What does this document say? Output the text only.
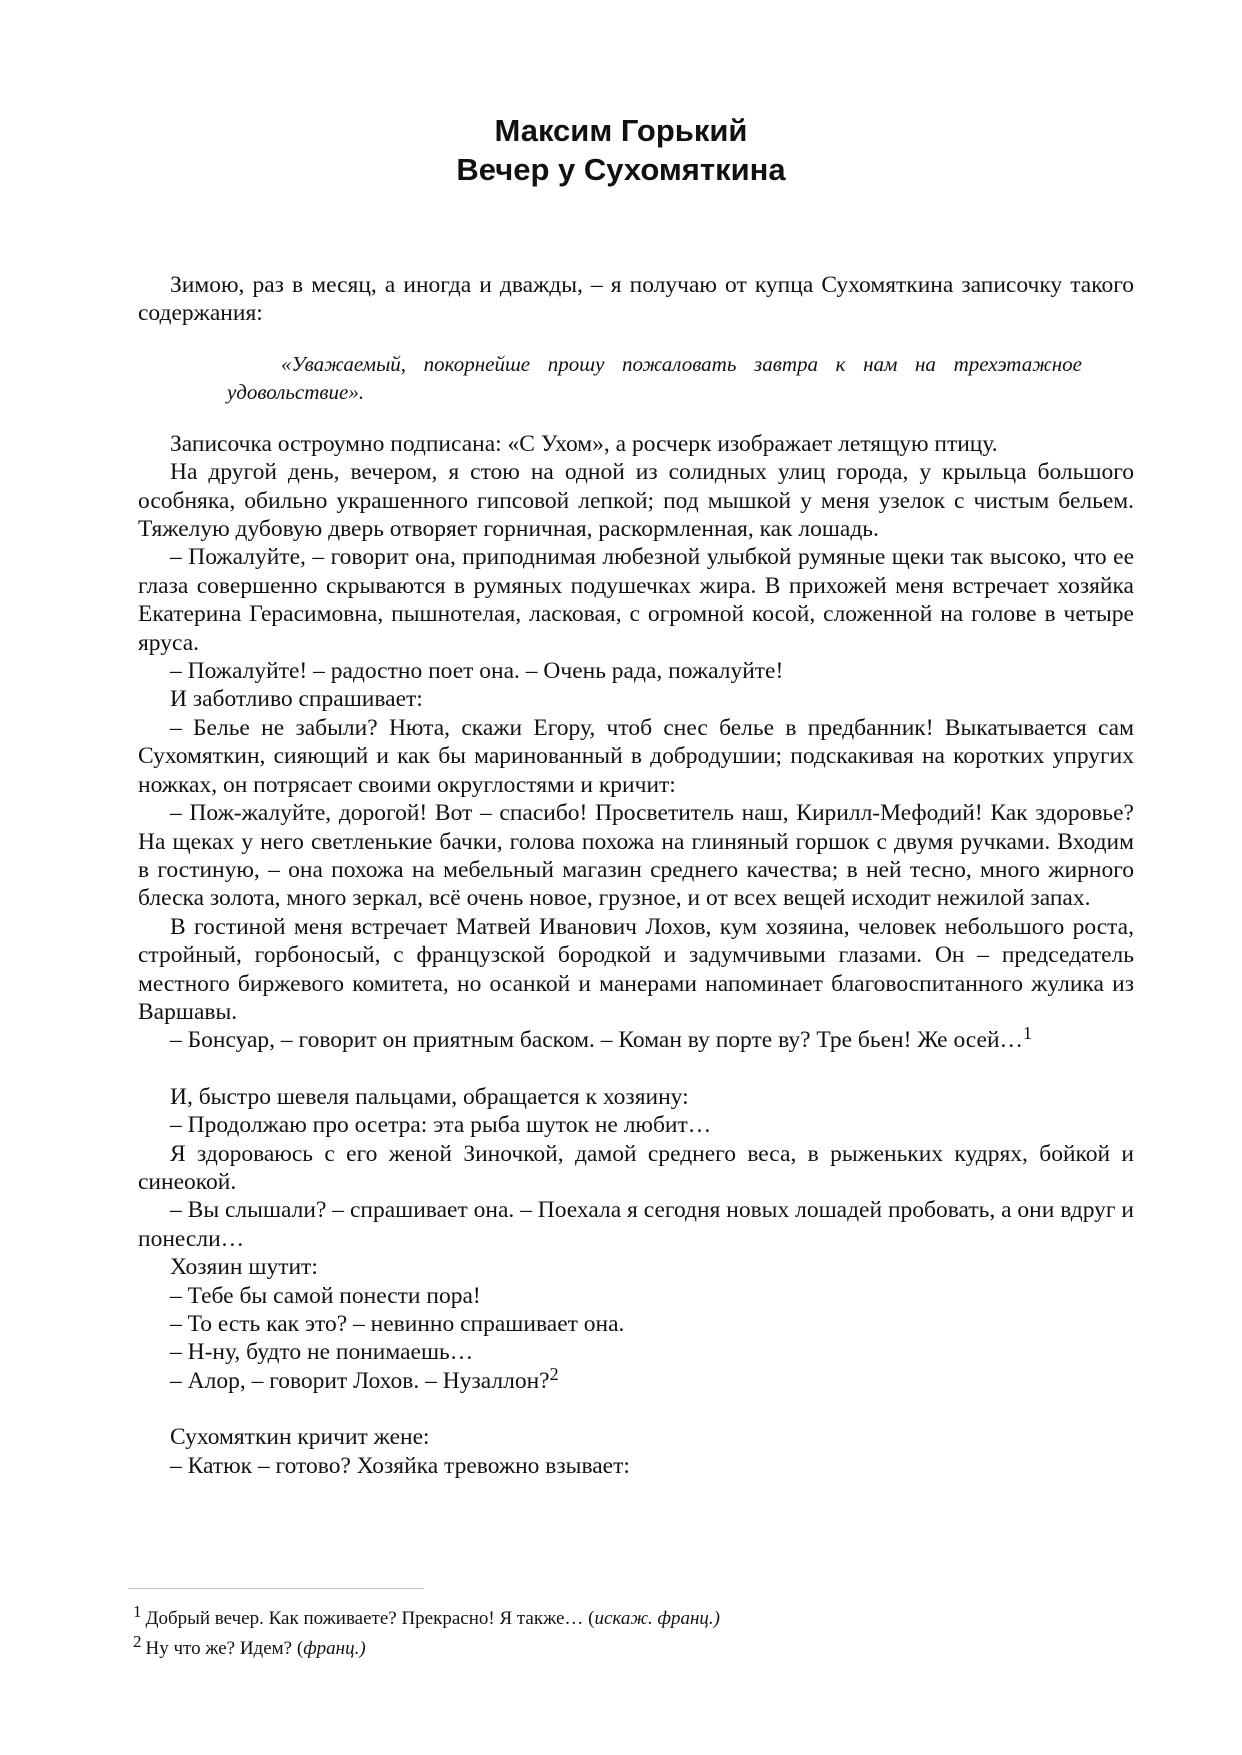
Максим Горький
Вечер у Сухомяткина

Зимою, раз в месяц, а иногда и дважды, – я получаю от купца Сухомяткина записочку такого содержания:

«Уважаемый, покорнейше прошу пожаловать завтра к нам на трехэтажное удовольствие».

Записочка остроумно подписана: «С Ухом», а росчерк изображает летящую птицу.

На другой день, вечером, я стою на одной из солидных улиц города, у крыльца большого особняка, обильно украшенного гипсовой лепкой; под мышкой у меня узелок с чистым бельем. Тяжелую дубовую дверь отворяет горничная, раскормленная, как лошадь.

– Пожалуйте, – говорит она, приподнимая любезной улыбкой румяные щеки так высоко, что ее глаза совершенно скрываются в румяных подушечках жира. В прихожей меня встречает хозяйка Екатерина Герасимовна, пышнотелая, ласковая, с огромной косой, сложенной на голове в четыре яруса.

– Пожалуйте! – радостно поет она. – Очень рада, пожалуйте!

И заботливо спрашивает:

– Белье не забыли? Нюта, скажи Егору, чтоб снес белье в предбанник! Выкатывается сам Сухомяткин, сияющий и как бы маринованный в добродушии; подскакивая на коротких упругих ножках, он потрясает своими округлостями и кричит:

– Пож-жалуйте, дорогой! Вот – спасибо! Просветитель наш, Кирилл-Мефодий! Как здоровье? На щеках у него светленькие бачки, голова похожа на глиняный горшок с двумя ручками. Входим в гостиную, – она похожа на мебельный магазин среднего качества; в ней тесно, много жирного блеска золота, много зеркал, всё очень новое, грузное, и от всех вещей исходит нежилой запах.

В гостиной меня встречает Матвей Иванович Лохов, кум хозяина, человек небольшого роста, стройный, горбоносый, с французской бородкой и задумчивыми глазами. Он – председатель местного биржевого комитета, но осанкой и манерами напоминает благовоспитанного жулика из Варшавы.

– Бонсуар, – говорит он приятным баском. – Коман ву порте ву? Тре бьен! Же осей…$^1$

И, быстро шевеля пальцами, обращается к хозяину:

– Продолжаю про осетра: эта рыба шуток не любит…

Я здороваюсь с его женой Зиночкой, дамой среднего веса, в рыженьких кудрях, бойкой и синеокой.

– Вы слышали? – спрашивает она. – Поехала я сегодня новых лошадей пробовать, а они вдруг и понесли…

Хозяин шутит:

– Тебе бы самой понести пора!

– То есть как это? – невинно спрашивает она.

– Н-ну, будто не понимаешь…

– Алор, – говорит Лохов. – Нузаллон?$^2$

Сухомяткин кричит жене:

– Катюк – готово? Хозяйка тревожно взывает:

1 Добрый вечер. Как поживаете? Прекрасно! Я также… (искаж. франц.)
2 Ну что же? Идем? (франц.)
